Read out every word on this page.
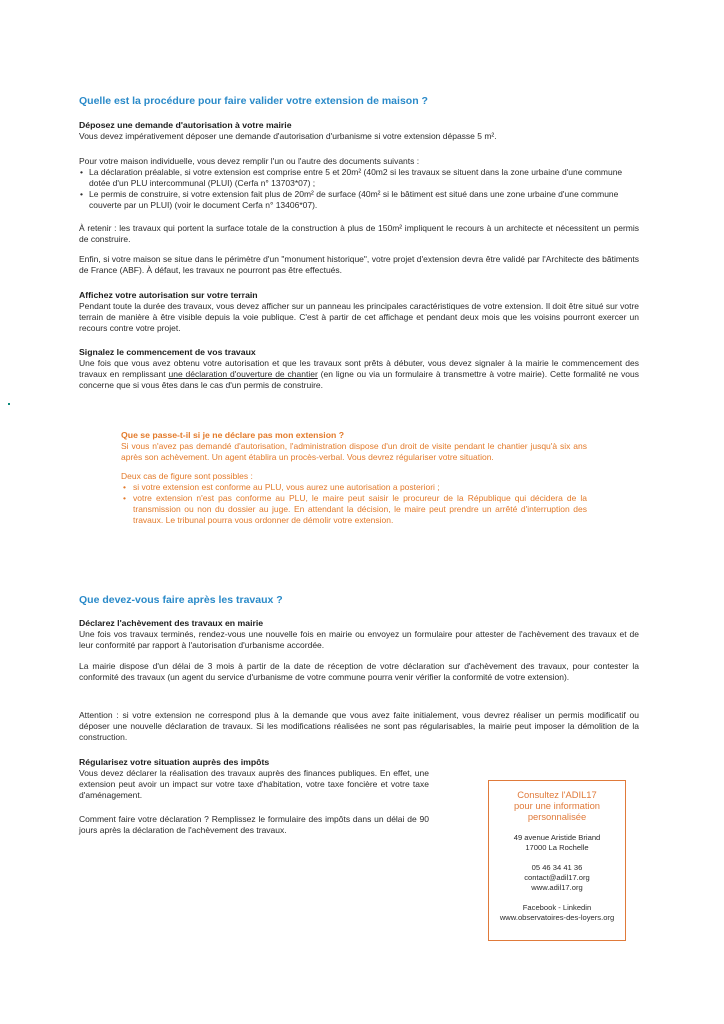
Quelle est la procédure pour faire valider votre extension de maison ?
Déposez une demande d'autorisation à votre mairie
Vous devez impérativement déposer une demande d'autorisation d'urbanisme si votre extension dépasse 5 m².
Pour votre maison individuelle, vous devez remplir l'un ou l'autre des documents suivants :
• La déclaration préalable, si votre extension est comprise entre 5 et 20m² (40m2 si les travaux se situent dans la zone urbaine d'une commune dotée d'un PLU intercommunal (PLUI) (Cerfa n° 13703*07) ;
• Le permis de construire, si votre extension fait plus de 20m² de surface (40m² si le bâtiment est situé dans une zone urbaine d'une commune couverte par un PLUI) (voir le document Cerfa n° 13406*07).
À retenir : les travaux qui portent la surface totale de la construction à plus de 150m² impliquent le recours à un architecte et nécessitent un permis de construire.
Enfin, si votre maison se situe dans le périmètre d'un "monument historique", votre projet d'extension devra être validé par l'Architecte des bâtiments de France (ABF). À défaut, les travaux ne pourront pas être effectués.
Affichez votre autorisation sur votre terrain
Pendant toute la durée des travaux, vous devez afficher sur un panneau les principales caractéristiques de votre extension. Il doit être situé sur votre terrain de manière à être visible depuis la voie publique. C'est à partir de cet affichage et pendant deux mois que les voisins pourront exercer un recours contre votre projet.
Signalez le commencement de vos travaux
Une fois que vous avez obtenu votre autorisation et que les travaux sont prêts à débuter, vous devez signaler à la mairie le commencement des travaux en remplissant une déclaration d'ouverture de chantier (en ligne ou via un formulaire à transmettre à votre mairie). Cette formalité ne vous concerne que si vous êtes dans le cas d'un permis de construire.
Que se passe-t-il si je ne déclare pas mon extension ?
Si vous n'avez pas demandé d'autorisation, l'administration dispose d'un droit de visite pendant le chantier jusqu'à six ans après son achèvement. Un agent établira un procès-verbal. Vous devrez régulariser votre situation.
Deux cas de figure sont possibles :
• si votre extension est conforme au PLU, vous aurez une autorisation a posteriori ;
• votre extension n'est pas conforme au PLU, le maire peut saisir le procureur de la République qui décidera de la transmission ou non du dossier au juge. En attendant la décision, le maire peut prendre un arrêté d'interruption des travaux. Le tribunal pourra vous ordonner de démolir votre extension.
Que devez-vous faire après les travaux ?
Déclarez l'achèvement des travaux en mairie
Une fois vos travaux terminés, rendez-vous une nouvelle fois en mairie ou envoyez un formulaire pour attester de l'achèvement des travaux et de leur conformité par rapport à l'autorisation d'urbanisme accordée.
La mairie dispose d'un délai de 3 mois à partir de la date de réception de votre déclaration sur d'achèvement des travaux, pour contester la conformité des travaux (un agent du service d'urbanisme de votre commune pourra venir vérifier la conformité de votre extension).
Attention : si votre extension ne correspond plus à la demande que vous avez faite initialement, vous devrez réaliser un permis modificatif ou déposer une nouvelle déclaration de travaux. Si les modifications réalisées ne sont pas régularisables, la mairie peut imposer la démolition de la construction.
Régularisez votre situation auprès des impôts
Vous devez déclarer la réalisation des travaux auprès des finances publiques. En effet, une extension peut avoir un impact sur votre taxe d'habitation, votre taxe foncière et votre taxe d'aménagement.
Comment faire votre déclaration ? Remplissez le formulaire des impôts dans un délai de 90 jours après la déclaration de l'achèvement des travaux.
Consultez l'ADIL17
pour une information
personnalisée
49 avenue Aristide Briand
17000 La Rochelle
05 46 34 41 36
contact@adil17.org
www.adil17.org
Facebook - Linkedin
www.observatoires-des-loyers.org
